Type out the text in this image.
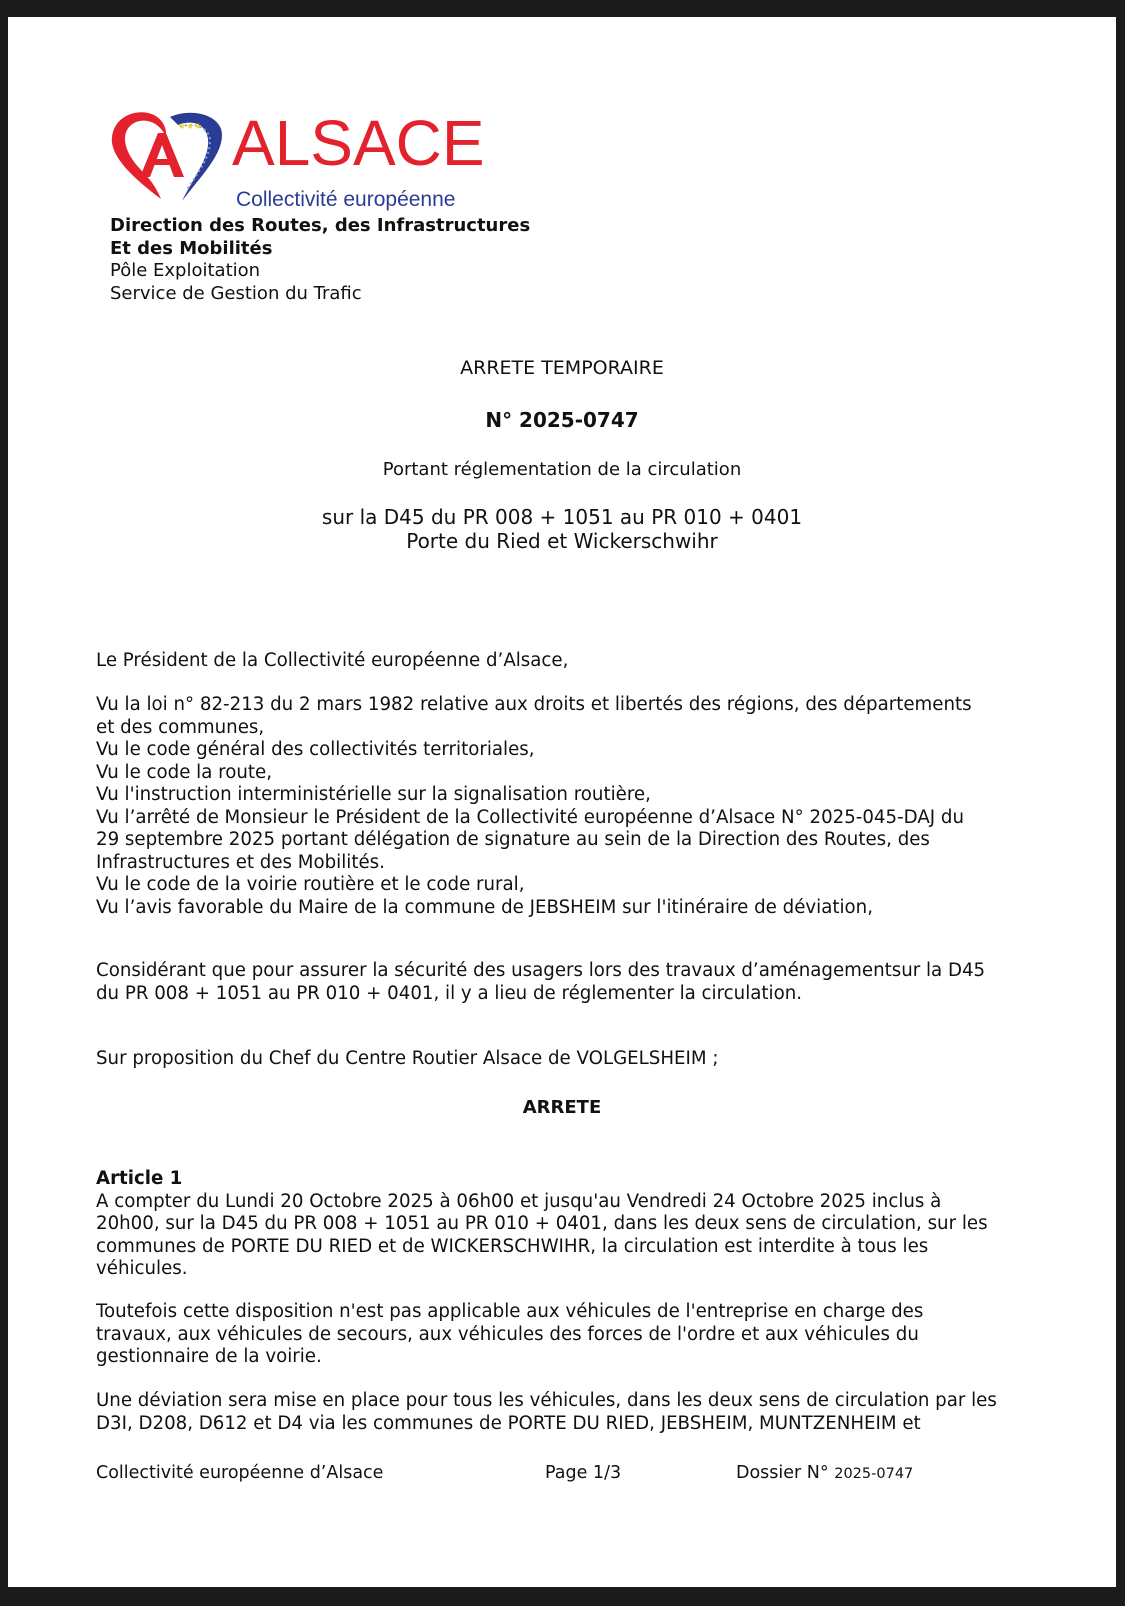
★★★ ALSACE
Collectivité européenne

Direction des Routes, des Infrastructures

Et des Mobilités

Pôle Exploitation

Service de Gestion du Trafic

ARRETE TEMPORAIRE
N° 2025-0747
Portant réglementation de la circulation

sur la D45 du PR 008 + 1051 au PR 010 + 0401

Porte du Ried et Wickerschwihr

Le Président de la Collectivité européenne d’Alsace,

Vu la loi n° 82-213 du 2 mars 1982 relative aux droits et libertés des régions, des départements

et des communes,

Vu le code général des collectivités territoriales,

Vu le code la route,

Vu l'instruction interministérielle sur la signalisation routière,

Vu l’arrêté de Monsieur le Président de la Collectivité européenne d’Alsace N° 2025-045-DAJ du

29 septembre 2025 portant délégation de signature au sein de la Direction des Routes, des

Infrastructures et des Mobilités.

Vu le code de la voirie routière et le code rural,

Vu l’avis favorable du Maire de la commune de JEBSHEIM sur l'itinéraire de déviation,

Considérant que pour assurer la sécurité des usagers lors des travaux d’aménagementsur la D45

du PR 008 + 1051 au PR 010 + 0401, il y a lieu de réglementer la circulation.

Sur proposition du Chef du Centre Routier Alsace de VOLGELSHEIM ;

ARRETE

Article 1

A compter du Lundi 20 Octobre 2025 à 06h00 et jusqu'au Vendredi 24 Octobre 2025 inclus à

20h00, sur la D45 du PR 008 + 1051 au PR 010 + 0401, dans les deux sens de circulation, sur les

communes de PORTE DU RIED et de WICKERSCHWIHR, la circulation est interdite à tous les

véhicules.

Toutefois cette disposition n'est pas applicable aux véhicules de l'entreprise en charge des

travaux, aux véhicules de secours, aux véhicules des forces de l'ordre et aux véhicules du

gestionnaire de la voirie.

Une déviation sera mise en place pour tous les véhicules, dans les deux sens de circulation par les

D3I, D208, D612 et D4 via les communes de PORTE DU RIED, JEBSHEIM, MUNTZENHEIM et

Collectivité européenne d’Alsace	Page 1/3	Dossier N° 2025-0747
